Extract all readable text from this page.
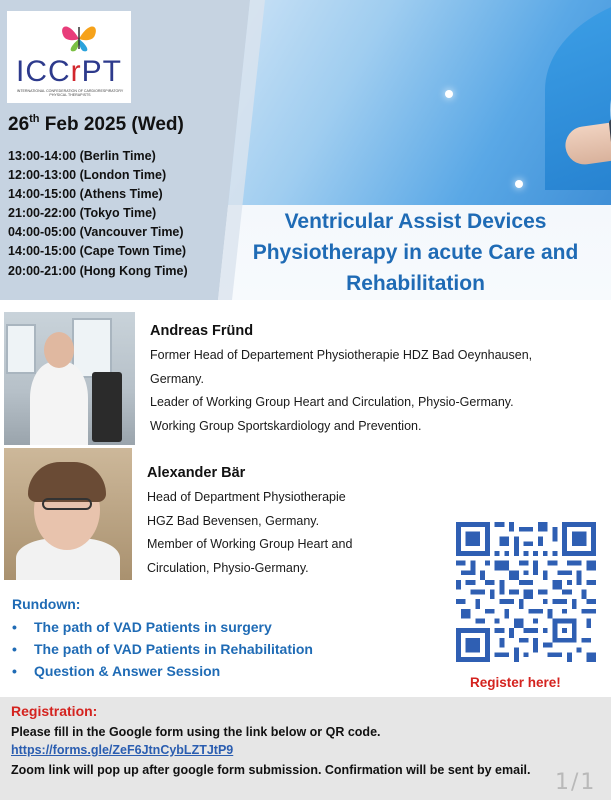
ICCrPT
INTERNATIONAL CONFEDERATION OF CARDIORESPIRATORY PHYSICAL THERAPISTS
26th Feb 2025 (Wed)
13:00-14:00 (Berlin Time)
12:00-13:00 (London Time)
14:00-15:00 (Athens Time)
21:00-22:00 (Tokyo Time)
04:00-05:00 (Vancouver Time)
14:00-15:00 (Cape Town Time)
20:00-21:00 (Hong Kong Time)
Ventricular Assist Devices
Physiotherapy in acute Care and
Rehabilitation
Andreas Fründ
Former Head of Departement Physiotherapie HDZ Bad Oeynhausen,
Germany.
Leader of Working Group Heart and Circulation, Physio-Germany.
Working Group Sportskardiology and Prevention.
Alexander Bär
Head of Department Physiotherapie
HGZ Bad Bevensen, Germany.
Member of Working Group Heart and
Circulation, Physio-Germany.
Register here!
Rundown:
• The path of VAD Patients in surgery
• The path of VAD Patients in Rehabilitation
• Question & Answer Session
Registration:
Please fill in the Google form using the link below or QR code.
https://forms.gle/ZeF6JtnCybLZTJtP9
Zoom link will pop up after google form submission. Confirmation will be sent by email. 1/1
